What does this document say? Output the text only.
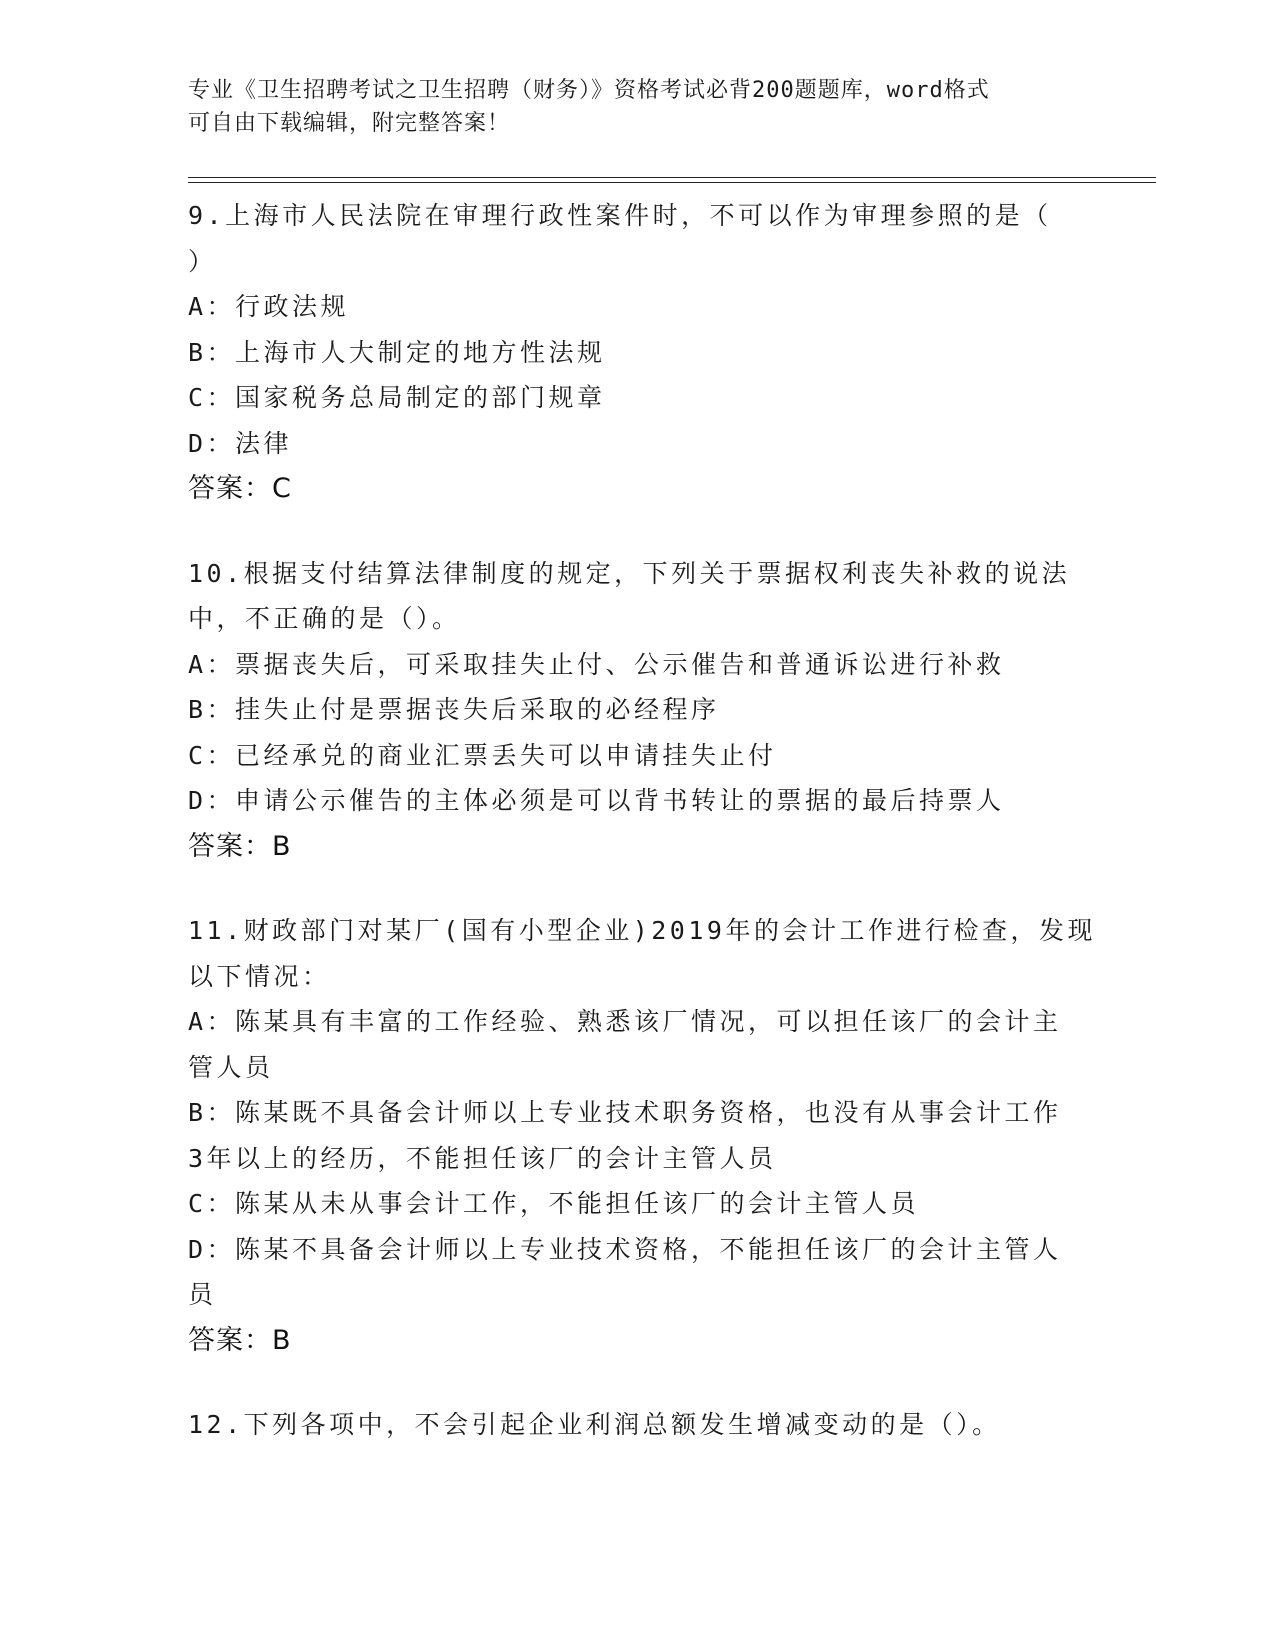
专业《卫生招聘考试之卫生招聘（财务）》资格考试必背200题题库，word格式
可自由下载编辑，附完整答案！
9.上海市人民法院在审理行政性案件时，不可以作为审理参照的是（
）
A：行政法规
B：上海市人大制定的地方性法规
C：国家税务总局制定的部门规章
D：法律
答案：C
10.根据支付结算法律制度的规定，下列关于票据权利丧失补救的说法
中，不正确的是（）。
A：票据丧失后，可采取挂失止付、公示催告和普通诉讼进行补救
B：挂失止付是票据丧失后采取的必经程序
C：已经承兑的商业汇票丢失可以申请挂失止付
D：申请公示催告的主体必须是可以背书转让的票据的最后持票人
答案：B
11.财政部门对某厂(国有小型企业)2019年的会计工作进行检查，发现
以下情况：
A：陈某具有丰富的工作经验、熟悉该厂情况，可以担任该厂的会计主
管人员
B：陈某既不具备会计师以上专业技术职务资格，也没有从事会计工作
3年以上的经历，不能担任该厂的会计主管人员
C：陈某从未从事会计工作，不能担任该厂的会计主管人员
D：陈某不具备会计师以上专业技术资格，不能担任该厂的会计主管人
员
答案：B
12.下列各项中，不会引起企业利润总额发生增减变动的是（）。
